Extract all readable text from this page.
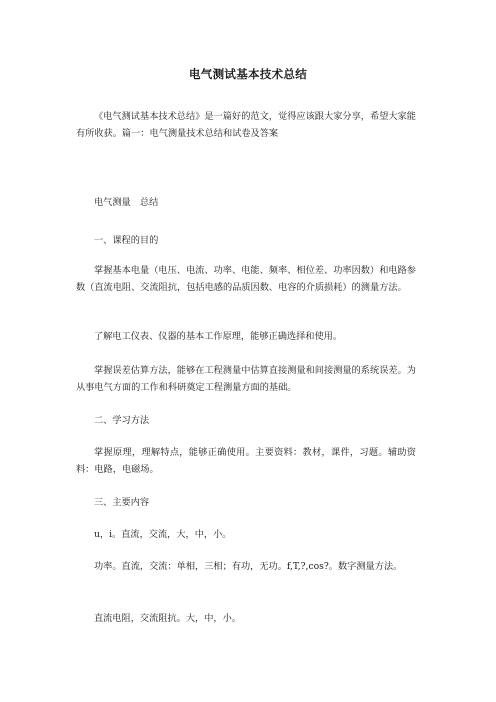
电气测试基本技术总结
《电气测试基本技术总结》是一篇好的范文，觉得应该跟大家分享，希望大家能有所收获。篇一：电气测量技术总结和试卷及答案
电气测量　总结
一、课程的目的
掌握基本电量（电压、电流、功率、电能、频率、相位差、功率因数）和电路参数（直流电阻、交流阻抗，包括电感的品质因数、电容的介质损耗）的测量方法。
了解电工仪表、仪器的基本工作原理，能够正确选择和使用。
掌握误差估算方法，能够在工程测量中估算直接测量和间接测量的系统误差。为从事电气方面的工作和科研奠定工程测量方面的基础。
二、学习方法
掌握原理，理解特点，能够正确使用。主要资料：教材，课件，习题。辅助资料：电路，电磁场。
三、主要内容
u，i。直流，交流，大，中，小。
功率。直流，交流：单相，三相；有功，无功。f,T,?,cos?。数字测量方法。
直流电阻，交流阻抗。大，中，小。
